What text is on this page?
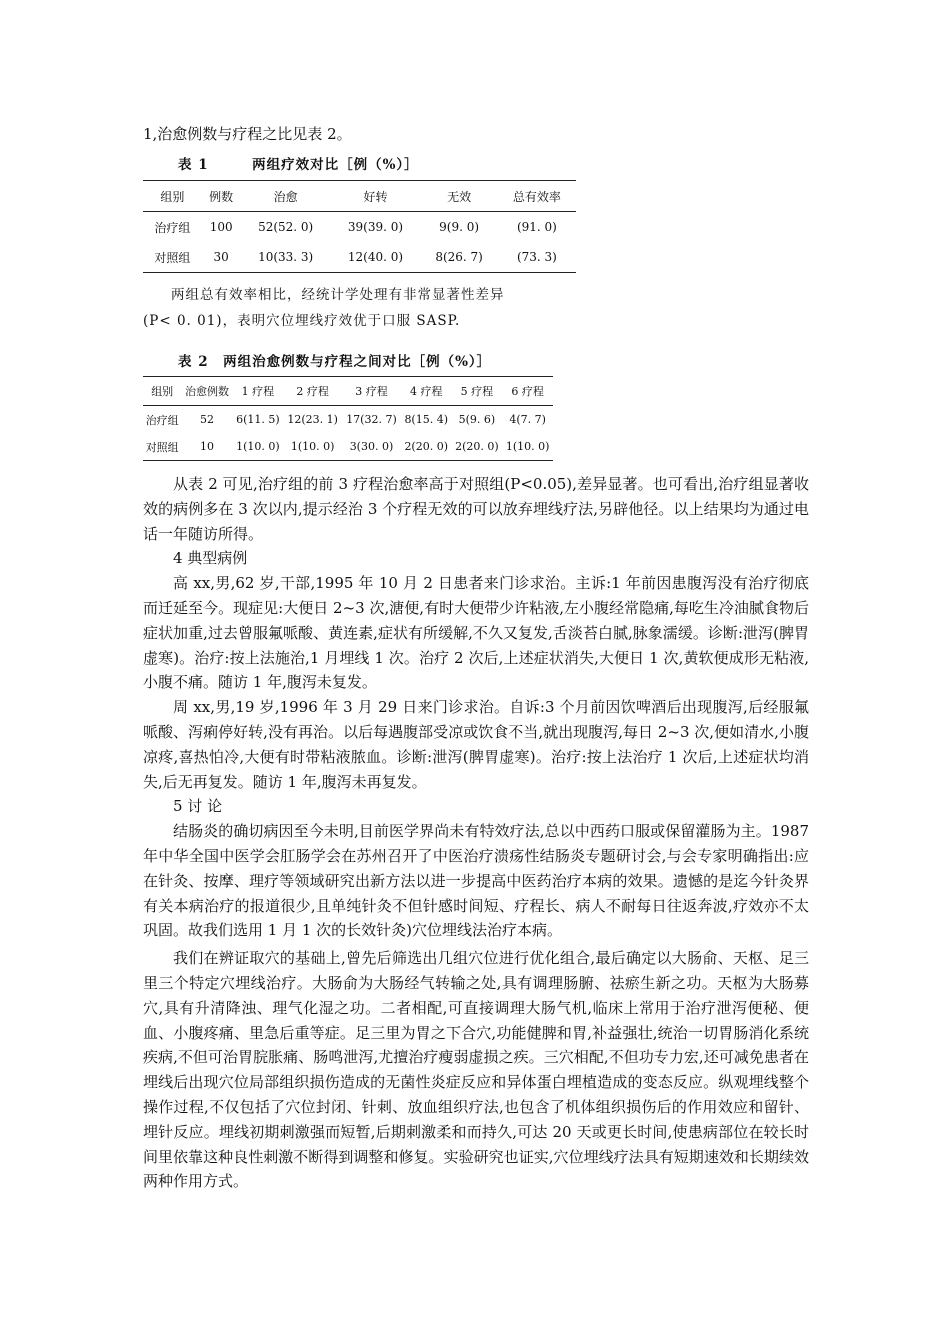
1,治愈例数与疗程之比见表 2。
表 1　　　两组疗效对比［例（%）］
组别	例数	治愈	好转	无效	总有效率
治疗组	100	52(52. 0)	39(39. 0)	9(9. 0)	(91. 0)
对照组	30	10(33. 3)	12(40. 0)	8(26. 7)	(73. 3)
两组总有效率相比，经统计学处理有非常显著性差异
(P< 0. 01)，表明穴位埋线疗效优于口服 SASP.
表 2　两组治愈例数与疗程之间对比［例（%）］
组别	治愈例数	1 疗程	2 疗程	3 疗程	4 疗程	5 疗程	6 疗程
治疗组	52	6(11. 5)	12(23. 1)	17(32. 7)	8(15. 4)	5(9. 6)	4(7. 7)
对照组	10	1(10. 0)	1(10. 0)	3(30. 0)	2(20. 0)	2(20. 0)	1(10. 0)

从表 2 可见,治疗组的前 3 疗程治愈率高于对照组(P<0.05),差异显著。也可看出,治疗组显著收效的病例多在 3 次以内,提示经治 3 个疗程无效的可以放弃埋线疗法,另辟他径。以上结果均为通过电话一年随访所得。

4 典型病例

高 xx,男,62 岁,干部,1995 年 10 月 2 日患者来门诊求治。主诉:1 年前因患腹泻没有治疗彻底而迁延至今。现症见:大便日 2~3 次,溏便,有时大便带少许粘液,左小腹经常隐痛,每吃生冷油腻食物后症状加重,过去曾服氟哌酸、黄连素,症状有所缓解,不久又复发,舌淡苔白腻,脉象濡缓。诊断:泄泻(脾胃虚寒)。治疗:按上法施治,1 月埋线 1 次。治疗 2 次后,上述症状消失,大便日 1 次,黄软便成形无粘液,小腹不痛。随访 1 年,腹泻未复发。

周 xx,男,19 岁,1996 年 3 月 29 日来门诊求治。自诉:3 个月前因饮啤酒后出现腹泻,后经服氟哌酸、泻痢停好转,没有再治。以后每遇腹部受凉或饮食不当,就出现腹泻,每日 2~3 次,便如清水,小腹凉疼,喜热怕冷,大便有时带粘液脓血。诊断:泄泻(脾胃虚寒)。治疗:按上法治疗 1 次后,上述症状均消失,后无再复发。随访 1 年,腹泻未再复发。

5 讨 论

结肠炎的确切病因至今未明,目前医学界尚未有特效疗法,总以中西药口服或保留灌肠为主。1987 年中华全国中医学会肛肠学会在苏州召开了中医治疗溃疡性结肠炎专题研讨会,与会专家明确指出:应在针灸、按摩、理疗等领域研究出新方法以进一步提高中医药治疗本病的效果。遗憾的是迄今针灸界有关本病治疗的报道很少,且单纯针灸不但针感时间短、疗程长、病人不耐每日往返奔波,疗效亦不太巩固。故我们选用 1 月 1 次的长效针灸)穴位埋线法治疗本病。

我们在辨证取穴的基础上,曾先后筛选出几组穴位进行优化组合,最后确定以大肠俞、天枢、足三里三个特定穴埋线治疗。大肠俞为大肠经气转输之处,具有调理肠腑、祛瘀生新之功。天枢为大肠募穴,具有升清降浊、理气化湿之功。二者相配,可直接调理大肠气机,临床上常用于治疗泄泻便秘、便血、小腹疼痛、里急后重等症。足三里为胃之下合穴,功能健脾和胃,补益强壮,统治一切胃肠消化系统疾病,不但可治胃脘胀痛、肠鸣泄泻,尤擅治疗瘦弱虚损之疾。三穴相配,不但功专力宏,还可减免患者在埋线后出现穴位局部组织损伤造成的无菌性炎症反应和异体蛋白埋植造成的变态反应。纵观埋线整个操作过程,不仅包括了穴位封闭、针刺、放血组织疗法,也包含了机体组织损伤后的作用效应和留针、埋针反应。埋线初期刺激强而短暂,后期刺激柔和而持久,可达 20 天或更长时间,使患病部位在较长时间里依靠这种良性刺激不断得到调整和修复。实验研究也证实,穴位埋线疗法具有短期速效和长期续效两种作用方式。
